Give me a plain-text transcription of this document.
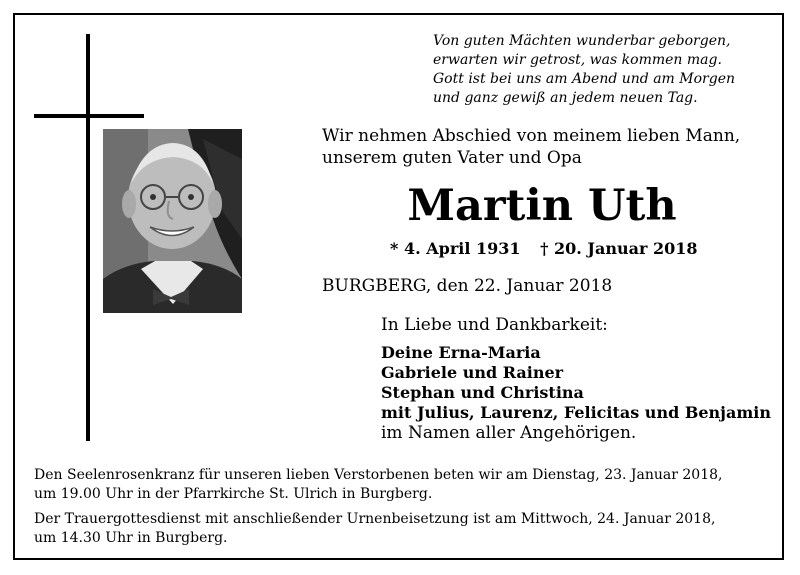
Von guten Mächten wunderbar geborgen,
erwarten wir getrost, was kommen mag.
Gott ist bei uns am Abend und am Morgen
und ganz gewiß an jedem neuen Tag.
Wir nehmen Abschied von meinem lieben Mann,
unserem guten Vater und Opa
Martin Uth
* 4. April 1931 † 20. Januar 2018
BURGBERG, den 22. Januar 2018
In Liebe und Dankbarkeit:
Deine Erna-Maria
Gabriele und Rainer
Stephan und Christina
mit Julius, Laurenz, Felicitas und Benjamin
im Namen aller Angehörigen.
Den Seelenrosenkranz für unseren lieben Verstorbenen beten wir am Dienstag, 23. Januar 2018,
um 19.00 Uhr in der Pfarrkirche St. Ulrich in Burgberg.
Der Trauergottesdienst mit anschließender Urnenbeisetzung ist am Mittwoch, 24. Januar 2018,
um 14.30 Uhr in Burgberg.
